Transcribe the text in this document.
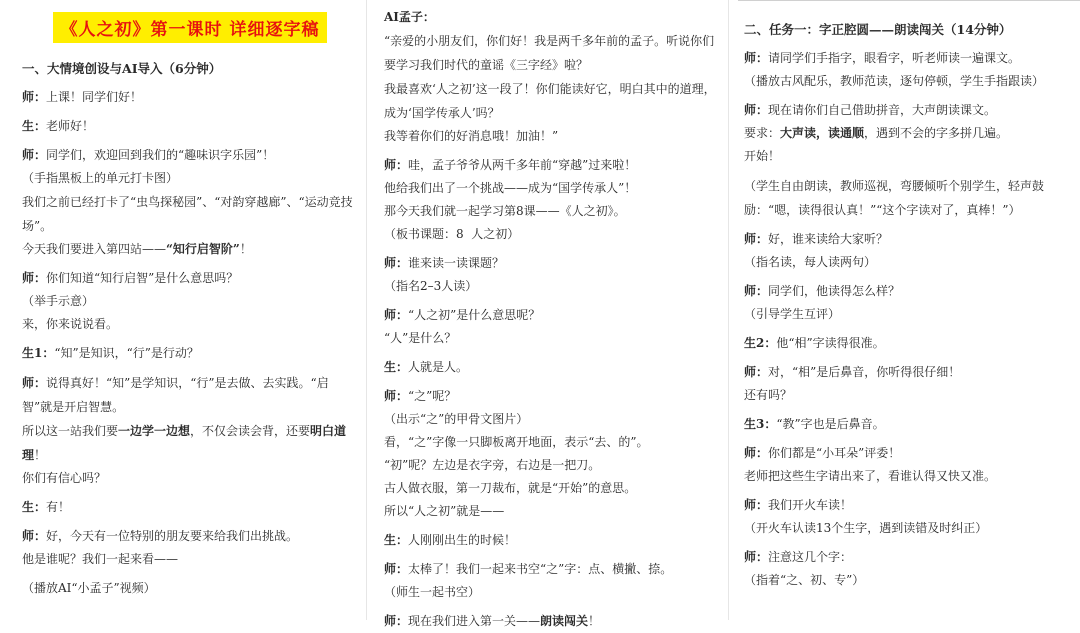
《人之初》第一课时 详细逐字稿
一、大情境创设与AI导入（6分钟）
师：上课！同学们好！
生：老师好！
师：同学们，欢迎回到我们的“趣味识字乐园”！
（手指黑板上的单元打卡图）
我们之前已经打卡了“虫鸟探秘园”、“对韵穿越廊”、“运动竞技场”。
今天我们要进入第四站——“知行启智阶”！
师：你们知道“知行启智”是什么意思吗？
（举手示意）
来，你来说说看。
生1：“知”是知识，“行”是行动？
师：说得真好！“知”是学知识，“行”是去做、去实践。“启智”就是开启智慧。
所以这一站我们要一边学一边想，不仅会读会背，还要明白道理！
你们有信心吗？
生：有！
师：好，今天有一位特别的朋友要来给我们出挑战。
他是谁呢？我们一起来看——
（播放AI“小孟子”视频）
AI孟子：
“亲爱的小朋友们，你们好！我是两千多年前的孟子。听说你们要学习我们时代的童谣《三字经》啦？
我最喜欢‘人之初’这一段了！你们能读好它，明白其中的道理，成为‘国学传承人’吗？
我等着你们的好消息哦！加油！”
师：哇，孟子爷爷从两千多年前“穿越”过来啦！
他给我们出了一个挑战——成为“国学传承人”！
那今天我们就一起学习第8课——《人之初》。
（板书课题：8  人之初）
师：谁来读一读课题？
（指名2–3人读）
师：“人之初”是什么意思呢？
“人”是什么？
生：人就是人。
师：“之”呢？
（出示“之”的甲骨文图片）
看，“之”字像一只脚板离开地面，表示“去、的”。
“初”呢？左边是衣字旁，右边是一把刀。
古人做衣服，第一刀裁布，就是“开始”的意思。
所以“人之初”就是——
生：人刚刚出生的时候！
师：太棒了！我们一起来书空“之”字：点、横撇、捺。
（师生一起书空）
师：现在我们进入第一关——朗读闯关！
二、任务一：字正腔圆——朗读闯关（14分钟）
师：请同学们手指字，眼看字，听老师读一遍课文。
（播放古风配乐，教师范读，逐句停顿，学生手指跟读）
师：现在请你们自己借助拼音，大声朗读课文。
要求：大声读，读通顺，遇到不会的字多拼几遍。
开始！
（学生自由朗读，教师巡视，弯腰倾听个别学生，轻声鼓励：“嗯，读得很认真！”“这个字读对了，真棒！”）
师：好，谁来读给大家听？
（指名读，每人读两句）
师：同学们，他读得怎么样？
（引导学生互评）
生2：他“相”字读得很准。
师：对，“相”是后鼻音，你听得很仔细！
还有吗？
生3：“教”字也是后鼻音。
师：你们都是“小耳朵”评委！
老师把这些生字请出来了，看谁认得又快又准。
师：我们开火车读！
（开火车认读13个生字，遇到读错及时纠正）
师：注意这几个字：
（指着“之、初、专”）
